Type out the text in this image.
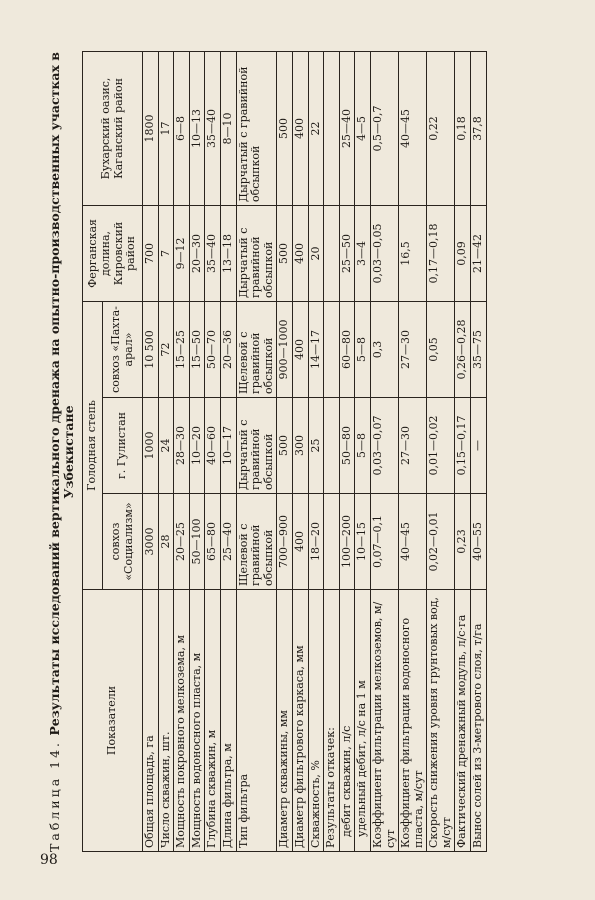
98
Таблица 14. Результаты исследований вертикального дренажа на опытно-производственных участках в Узбекистане
Показатели	Голодная степь			Ферганская долина, Кировский район	Бухарский оазис, Каганский район
	совхоз «Социализм»	г. Гулистан	совхоз «Пахта-арал»		
Общая площадь, га	3000	1000	10 500	700	1800
Число скважин, шт.	28	24	72	7	17
Мощность покровного мелкозема, м	20—25	28—30	15—25	9—12	6—8
Мощность водоносного пласта, м	50—100	10—20	15—50	20—30	10—13
Глубина скважин, м	65—80	40—60	50—70	35—40	35—40
Длина фильтра, м	25—40	10—17	20—36	13—18	8—10
Тип фильтра	Щелевой с гравийной обсыпкой	Дырчатый с гравийной обсыпкой	Щелевой с гравийной обсыпкой	Дырчатый с гравийной обсыпкой	Дырчатый с гравийной обсыпкой
Диаметр скважины, мм	700—900	500	900—1000	500	500
Диаметр фильтрового каркаса, мм	400	300	400	400	400
Скважность, %	18—20	25	14—17	20	22
Результаты откачек:					
дебит скважин, л/с	100—200	50—80	60—80	25—50	25—40
удельный дебит, л/с на 1 м	10—15	5—8	5—8	3—4	4—5
Коэффициент фильтрации мелкоземов, м/сут	0,07—0,1	0,03—0,07	0,3	0,03—0,05	0,5—0,7
Коэффициент фильтрации водоносного пласта, м/сут	40—45	27—30	27—30	16,5	40—45
Скорость снижения уровня грунтовых вод, м/сут	0,02—0,01	0,01—0,02	0,05	0,17—0,18	0,22
Фактический дренажный модуль, л/с·га	0,23	0,15—0,17	0,26—0,28	0,09	0,18
Вынос солей из 3-метрового слоя, т/га	40—55	—	35—75	21—42	37,8
